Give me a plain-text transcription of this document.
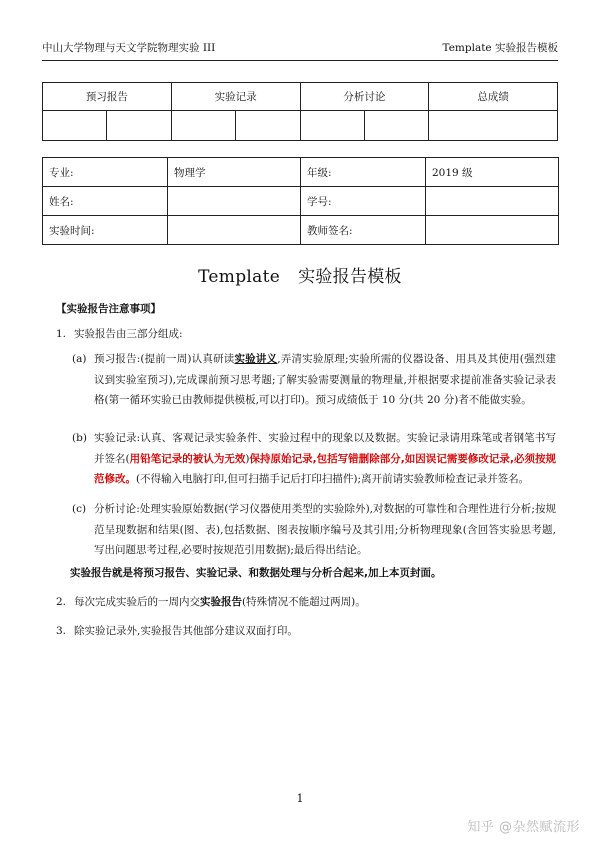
中山大学物理与天文学院物理实验 III	Template 实验报告模板
预习报告		实验记录		分析讨论		总成绩

专业:	物理学	年级:	2019 级
姓名:		学号:	
实验时间:		教师签名:	
Template 实验报告模板
【实验报告注意事项】
1. 实验报告由三部分组成:
(a) 预习报告:(提前一周)认真研读实验讲义,弄清实验原理;实验所需的仪器设备、用具及其使用(强烈建议到实验室预习),完成课前预习思考题;了解实验需要测量的物理量,并根据要求提前准备实验记录表格(第一循环实验已由教师提供模板,可以打印)。预习成绩低于 10 分(共 20 分)者不能做实验。
(b) 实验记录:认真、客观记录实验条件、实验过程中的现象以及数据。实验记录请用珠笔或者钢笔书写并签名(用铅笔记录的被认为无效)保持原始记录,包括写错删除部分,如因误记需要修改记录,必须按规范修改。(不得输入电脑打印,但可扫描手记后打印扫描件);离开前请实验教师检查记录并签名。
(c) 分析讨论:处理实验原始数据(学习仪器使用类型的实验除外),对数据的可靠性和合理性进行分析;按规范呈现数据和结果(图、表),包括数据、图表按顺序编号及其引用;分析物理现象(含回答实验思考题,写出问题思考过程,必要时按规范引用数据);最后得出结论。
实验报告就是将预习报告、实验记录、和数据处理与分析合起来,加上本页封面。
2. 每次完成实验后的一周内交实验报告(特殊情况不能超过两周)。
3. 除实验记录外,实验报告其他部分建议双面打印。
1
知乎 @杂然赋流形
